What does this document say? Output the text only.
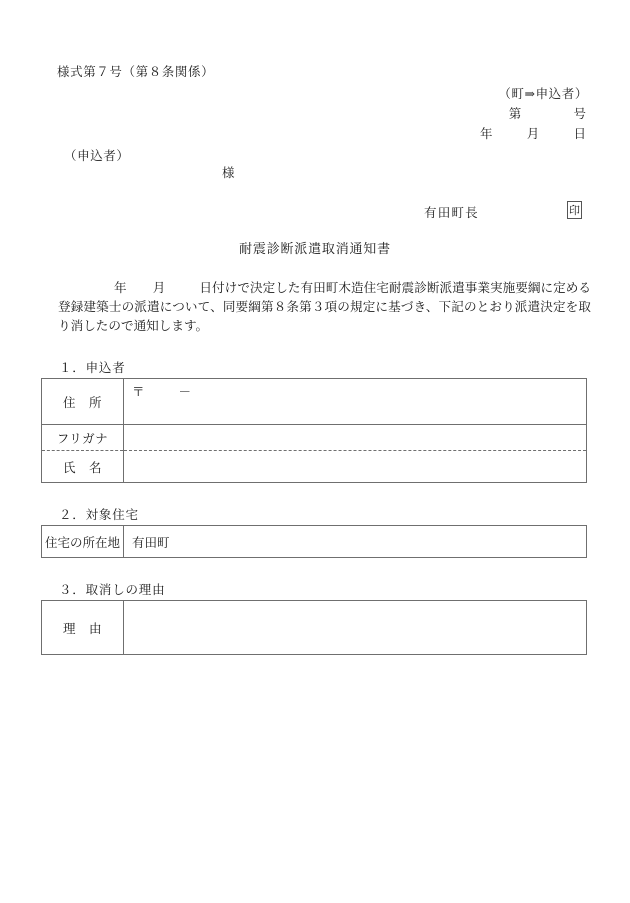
様式第７号（第８条関係）
（町⇒申込者）
第	号
年	月	日
（申込者）
様
有田町長	印
耐震診断派遣取消通知書
年 月	日付けで決定した有田町木造住宅耐震診断派遣事業実施要綱に定める登録建築士の派遣について、同要綱第８条第３項の規定に基づき、下記のとおり派遣決定を取り消したので通知します。
１．申込者
住　所	〒 －
フリガナ	
氏　名	
２．対象住宅
住宅の所在地	有田町
３．取消しの理由
理　由	
